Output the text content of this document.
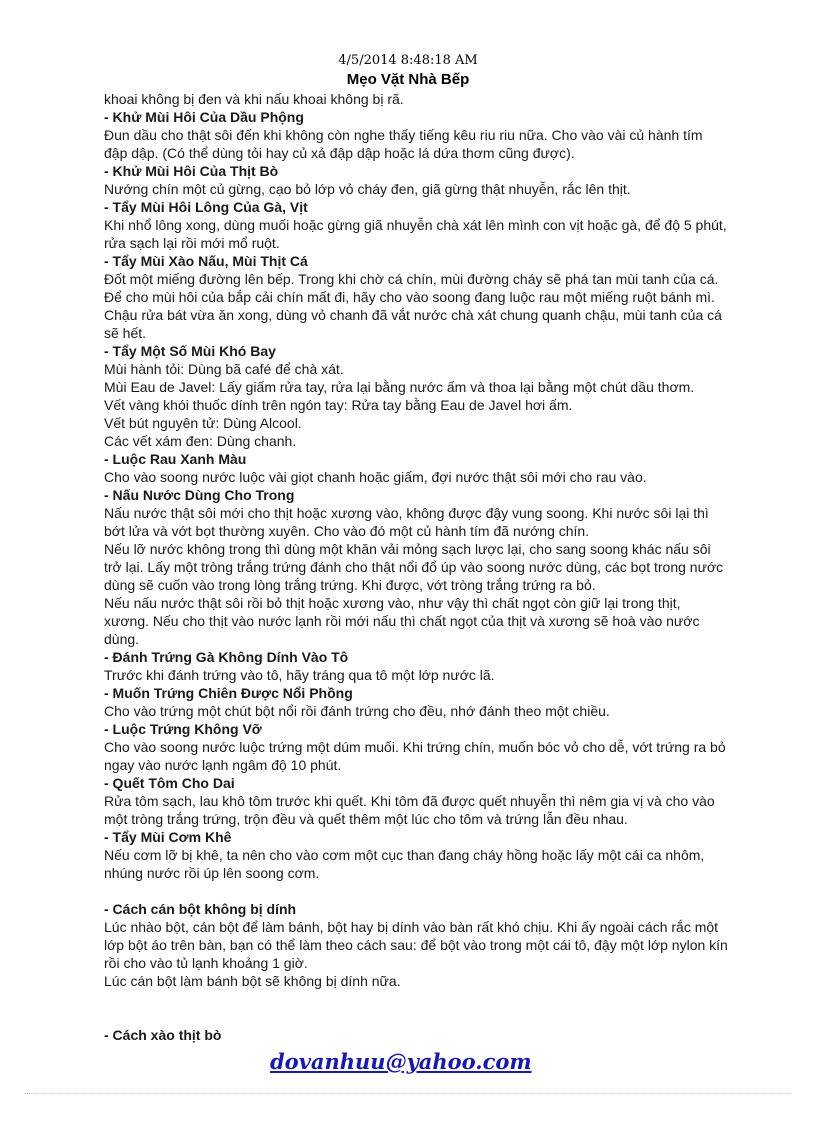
4/5/2014 8:48:18 AM
Mẹo Vặt Nhà Bếp

khoai không bị đen và khi nấu khoai không bị rã.

- Khử Mùi Hôi Của Dầu Phộng

Đun dầu cho thật sôi đến khi không còn nghe thấy tiếng kêu riu riu nữa. Cho vào vài củ hành tím

đập dập. (Có thể dùng tỏi hay củ xả đập dập hoặc lá dứa thơm cũng được).

- Khử Mùi Hôi Của Thịt Bò

Nướng chín một củ gừng, cạo bỏ lớp vỏ cháy đen, giã gừng thật nhuyễn, rắc lên thịt.

- Tẩy Mùi Hôi Lông Của Gà, Vịt

Khi nhổ lông xong, dùng muối hoặc gừng giã nhuyễn chà xát lên mình con vịt hoặc gà, để độ 5 phút,

rửa sạch lại rồi mới mổ ruột.

- Tẩy Mùi Xào Nấu, Mùi Thịt Cá

Đốt một miếng đường lên bếp. Trong khi chờ cá chín, mùi đường cháy sẽ phá tan mùi tanh của cá.

Để cho mùi hôi của bắp cải chín mất đi, hãy cho vào soong đang luộc rau một miếng ruột bánh mì.

Chậu rửa bát vừa ăn xong, dùng vỏ chanh đã vắt nước chà xát chung quanh chậu, mùi tanh của cá

sẽ hết.

- Tẩy Một Số Mùi Khó Bay

Mùi hành tỏi: Dùng bã café để chà xát.

Mùi Eau de Javel: Lấy giấm rửa tay, rửa lại bằng nước ấm và thoa lại bằng một chút dầu thơm.

Vết vàng khói thuốc dính trên ngón tay: Rửa tay bằng Eau de Javel hơi ấm.

Vết bút nguyên tử: Dùng Alcool.

Các vết xám đen: Dùng chanh.

- Luộc Rau Xanh Màu

Cho vào soong nước luộc vài giọt chanh hoặc giấm, đợi nước thật sôi mới cho rau vào.

- Nấu Nước Dùng Cho Trong

Nấu nước thật sôi mới cho thịt hoặc xương vào, không được đậy vung soong. Khi nước sôi lại thì

bớt lửa và vớt bọt thường xuyên. Cho vào đó một củ hành tím đã nướng chín.

Nếu lỡ nước không trong thì dùng một khăn vải mỏng sạch lược lại, cho sang soong khác nấu sôi

trở lại. Lấy một tròng trắng trứng đánh cho thật nổi đổ úp vào soong nước dùng, các bọt trong nước

dùng sẽ cuốn vào trong lòng trắng trứng. Khi được, vớt tròng trắng trứng ra bỏ.

Nếu nấu nước thật sôi rồi bỏ thịt hoặc xương vào, như vậy thì chất ngọt còn giữ lại trong thịt,

xương. Nếu cho thịt vào nước lạnh rồi mới nấu thì chất ngọt của thịt và xương sẽ hoà vào nước

dùng.

- Đánh Trứng Gà Không Dính Vào Tô

Trước khi đánh trứng vào tô, hãy tráng qua tô một lớp nước lã.

- Muốn Trứng Chiên Được Nổi Phồng

Cho vào trứng một chút bột nổi rồi đánh trứng cho đều, nhớ đánh theo một chiều.

- Luộc Trứng Không Vỡ

Cho vào soong nước luộc trứng một dúm muối. Khi trứng chín, muốn bóc vỏ cho dễ, vớt trứng ra bỏ

ngay vào nước lạnh ngâm độ 10 phút.

- Quết Tôm Cho Dai

Rửa tôm sạch, lau khô tôm trước khi quết. Khi tôm đã được quết nhuyễn thì nêm gia vị và cho vào

một tròng trắng trứng, trộn đều và quết thêm một lúc cho tôm và trứng lẫn đều nhau.

- Tẩy Mùi Cơm Khê

Nếu cơm lỡ bị khê, ta nên cho vào cơm một cục than đang cháy hồng hoặc lấy một cái ca nhôm,

nhúng nước rồi úp lên soong cơm.

- Cách cán bột không bị dính

Lúc nhào bột, cán bột để làm bánh, bột hay bị dính vào bàn rất khó chịu. Khi ấy ngoài cách rắc một

lớp bột áo trên bàn, bạn có thể làm theo cách sau: để bột vào trong một cái tô, đậy một lớp nylon kín

rồi cho vào tủ lạnh khoảng 1 giờ.

Lúc cán bột làm bánh bột sẽ không bị dính nữa.

- Cách xào thịt bò

dovanhuu@yahoo.com
